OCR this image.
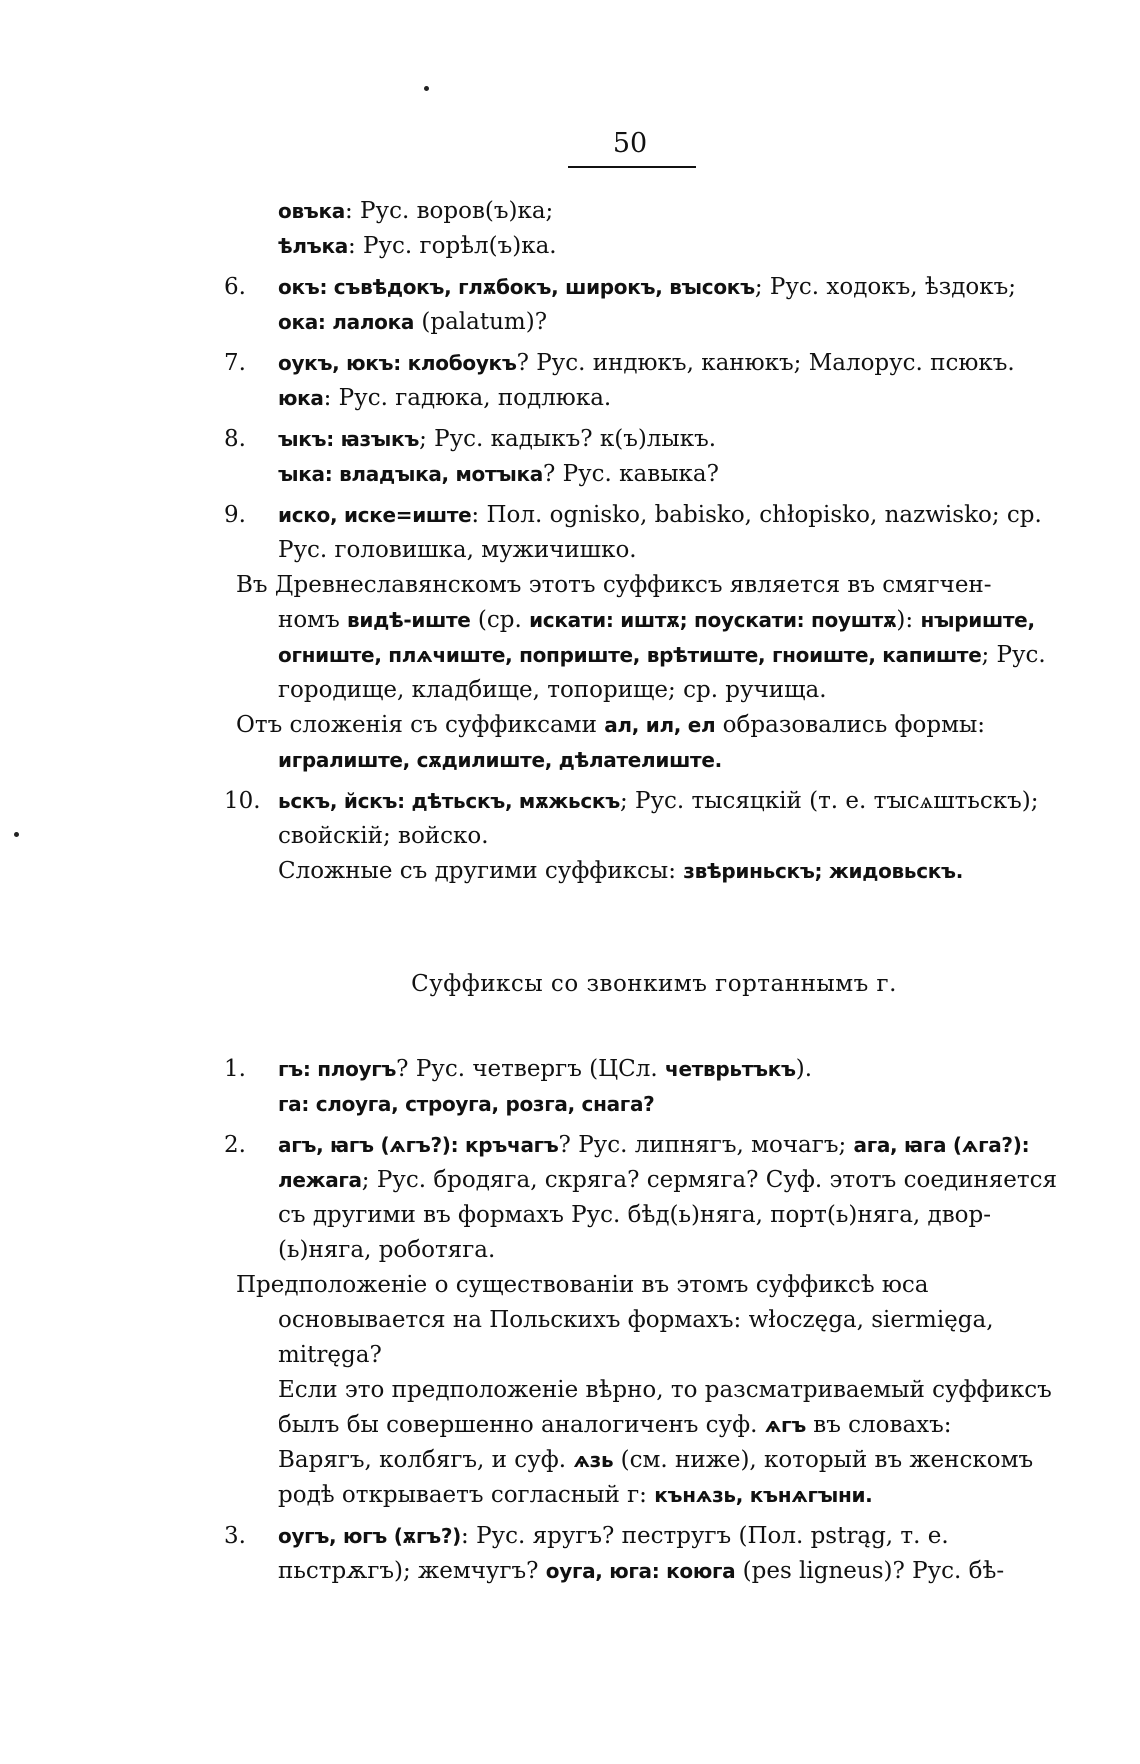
50
овъка: Рус. воров(ъ)ка;
ѣлъка: Рус. горѣл(ъ)ка.
6.	окъ: съвѣдокъ, глѫбокъ, широкъ, вꙑсокъ; Рус. ходокъ, ѣздокъ;
ока: лалока (palatum)?
7.	оукъ, юкъ: клобоукъ? Рус. индюкъ, канюкъ; Малорус. псюкъ.
юка: Рус. гадюка, подлюка.
8.	ꙑкъ: ꙗзꙑкъ; Рус. кадыкъ? к(ъ)лыкъ.
ꙑка: владꙑка, мотꙑка? Рус. кавыка?
9.	иско, иске=иште: Пол. ognisko, babisko, chłopisko, nazwisko; ср.
Рус. головишка, мужичишко.
Въ Древнеславянскомъ этотъ суффиксъ является въ смягчен-
номъ видѣ-иште (ср. искати: иштѫ; поускати: поуштѫ): нꙑриште,
огниште, плѧчиште, поприште, врѣтиште, гноиште, капиште; Рус.
городище, кладбище, топорище; ср. ручища.
Отъ сложенія съ суффиксами ал, ил, ел образовались формы:
игралиште, сѫдилиште, дѣлателиште.
10. ьскъ, йскъ: дѣтьскъ, мѫжьскъ; Рус. тысяцкій (т. е. тꙑсѧштьскъ);
свойскій; войско.
Сложные съ другими суффиксы: звѣриньскъ; жидовьскъ.
Суффиксы со звонкимъ гортаннымъ г.
1.	гъ: плоугъ? Рус. четвергъ (ЦСл. четврьтъкъ).
га: слоуга, строуга, розга, снага?
2.	агъ, ꙗгъ (ѧгъ?): кръчагъ? Рус. липнягъ, мочагъ; ага, ꙗга (ѧга?):
лежага; Рус. бродяга, скряга? сермяга? Суф. этотъ соединяется
съ другими въ формахъ Рус. бѣд(ь)няга, порт(ь)няга, двор-
(ь)няга, роботяга.
Предположеніе о существованіи въ этомъ суффиксѣ юса
основывается на Польскихъ формахъ: włoczęga, siermięga,
mitręga?
Если это предположеніе вѣрно, то разсматриваемый суффиксъ
былъ бы совершенно аналогиченъ суф. ѧгъ въ словахъ:
Варягъ, колбягъ, и суф. ѧзь (см. ниже), который въ женскомъ
родѣ открываетъ согласный г: кънѧзь, кънѧгꙑни.
3.	оугъ, югъ (ѫгъ?): Рус. яругъ? пестругъ (Пол. pstrąg, т. е.
пьстрѫгъ); жемчугъ? оуга, юга: коюга (pes ligneus)? Рус. бѣ-
